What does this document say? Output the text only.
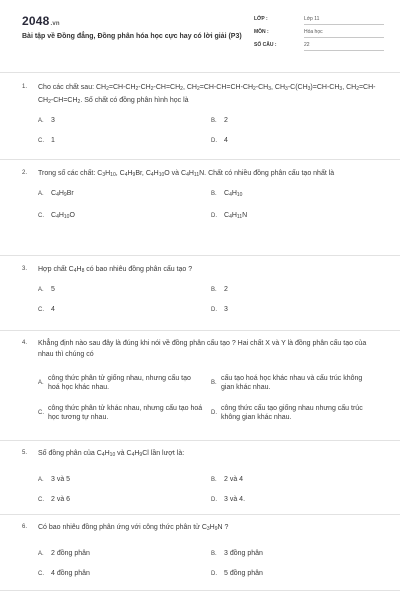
2048.vn
Bài tập về Đồng đẳng, Đồng phân hóa học cực hay có lời giải (P3)
LỚP :	Lớp 11
MÔN :	Hóa học
SỐ CÂU :	22
1. Cho các chất sau: $CH_2=CH-CH_2-CH_2-CH=CH_2$, $CH_2=CH-CH=CH-CH_2-CH_3$, $CH_3-C(CH_3)=CH-CH_3$, $CH_2=CH-CH_2-CH=CH_2$. Số chất có đồng phân hình học là
A. 3	B. 2
C. 1	D. 4
2. Trong số các chất: $C_3H_{10}$, $C_4H_9Br$, $C_4H_{10}O$ và $C_4H_{11}N$. Chất có nhiều đồng phân cấu tạo nhất là
A. $C_4H_9Br$	B. $C_4H_{10}$
C. $C_4H_{10}O$	D. $C_4H_{11}N$
3. Hợp chất $C_4H_8$ có bao nhiêu đồng phân cấu tạo ?
A. 5	B. 2
C. 4	D. 3
4. Khẳng định nào sau đây là đúng khi nói về đồng phân cấu tạo ? Hai chất X và Y là đồng phân cấu tạo của nhau thì chúng có
A.
công thức phân tử giống nhau, nhưng cấu tạo hoá học khác nhau.
B.
cấu tạo hoá học khác nhau và cấu trúc không gian khác nhau.
C.
công thức phân tử khác nhau, nhưng cấu tạo hoá học tương tự nhau.
D.
công thức cấu tạo giống nhau nhưng cấu trúc không gian khác nhau.
5. Số đồng phân của $C_4H_{10}$ và $C_4H_9Cl$ lần lượt là:
A. 3 và 5	B. 2 và 4
C. 2 và 6	D. 3 và 4.
6. Có bao nhiêu đồng phân ứng với công thức phân tử $C_3H_9N$ ?
A. 2 đồng phân	B. 3 đồng phân
C. 4 đồng phân	D. 5 đồng phân
